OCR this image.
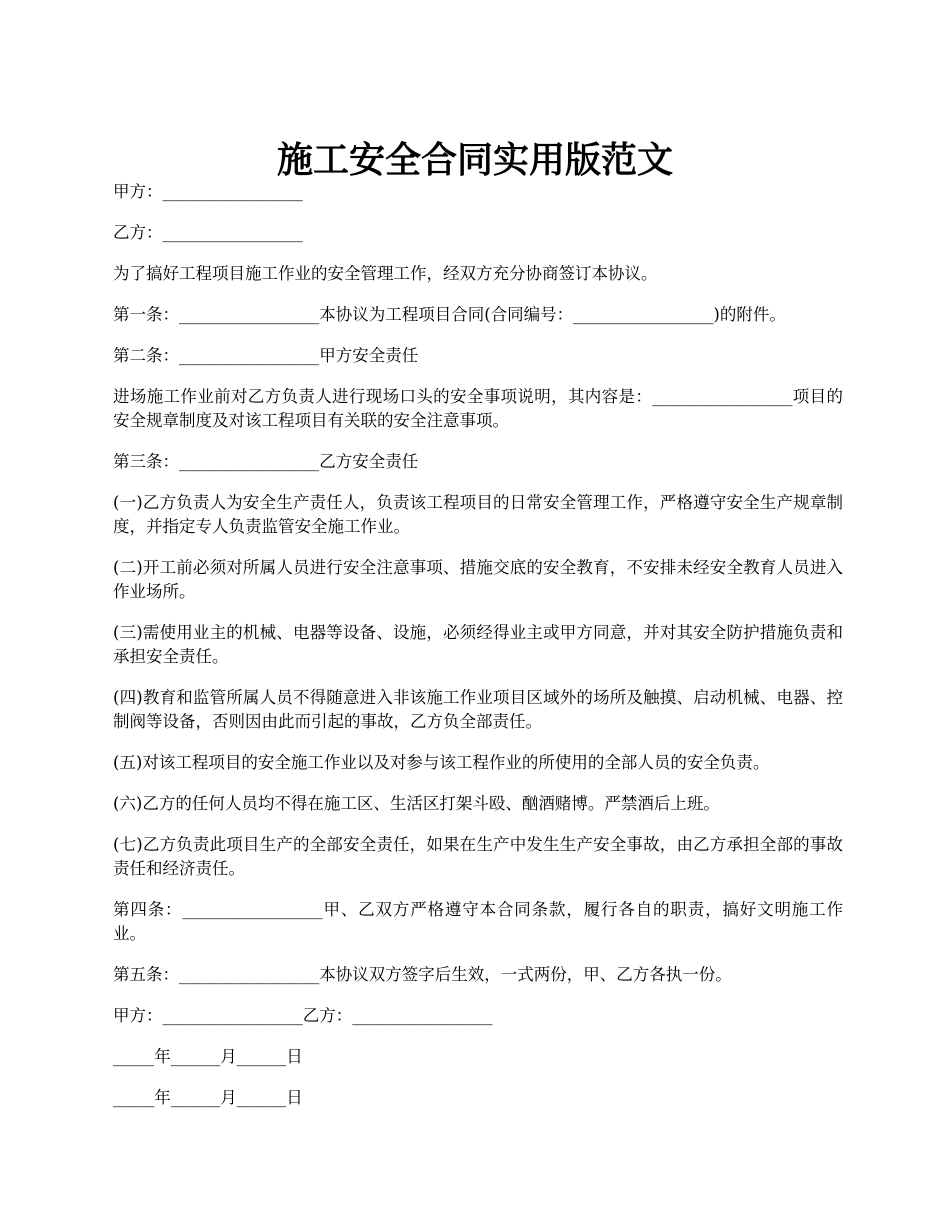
施工安全合同实用版范文

甲方：_________________

乙方：_________________

为了搞好工程项目施工作业的安全管理工作，经双方充分协商签订本协议。

第一条：_________________本协议为工程项目合同(合同编号：_________________)的附件。

第二条：_________________甲方安全责任

进场施工作业前对乙方负责人进行现场口头的安全事项说明，其内容是：_________________项目的安全规章制度及对该工程项目有关联的安全注意事项。

第三条：_________________乙方安全责任

(一)乙方负责人为安全生产责任人，负责该工程项目的日常安全管理工作，严格遵守安全生产规章制度，并指定专人负责监管安全施工作业。

(二)开工前必须对所属人员进行安全注意事项、措施交底的安全教育，不安排未经安全教育人员进入作业场所。

(三)需使用业主的机械、电器等设备、设施，必须经得业主或甲方同意，并对其安全防护措施负责和承担安全责任。

(四)教育和监管所属人员不得随意进入非该施工作业项目区域外的场所及触摸、启动机械、电器、控制阀等设备，否则因由此而引起的事故，乙方负全部责任。

(五)对该工程项目的安全施工作业以及对参与该工程作业的所使用的全部人员的安全负责。

(六)乙方的任何人员均不得在施工区、生活区打架斗殴、酗酒赌博。严禁酒后上班。

(七)乙方负责此项目生产的全部安全责任，如果在生产中发生生产安全事故，由乙方承担全部的事故责任和经济责任。

第四条：_________________甲、乙双方严格遵守本合同条款，履行各自的职责，搞好文明施工作业。

第五条：_________________本协议双方签字后生效，一式两份，甲、乙方各执一份。

甲方：_________________乙方：_________________

_____年______月______日

_____年______月______日
